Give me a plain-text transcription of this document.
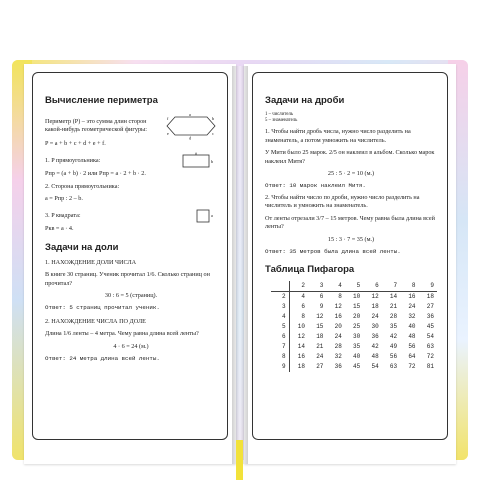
Вычисление периметра

Периметр (Р) – это сумма длин сторон какой-нибудь геометрической фигуры:

a
b
c
d
e
f

P = a + b + c + d + e + f.

1. P прямоугольника:

a
b

Pпр = (a + b) · 2 или Pпр = a · 2 + b · 2.

2. Сторона прямоугольника:

a = Pпр : 2 – b.

3. P квадрата:	a

Pкв = a · 4.

Задачи на доли

1. НАХОЖДЕНИЕ ДОЛИ ЧИСЛА

В книге 30 страниц. Ученик прочитал 1/6. Сколько страниц он прочитал?

30 : 6 = 5 (страниц).

Ответ: 5 страниц прочитал ученик.

2. НАХОЖДЕНИЕ ЧИСЛА ПО ДОЛЕ

Длина 1/6 ленты – 4 метра. Чему равна длина всей ленты?

4 · 6 = 24 (м.)

Ответ: 24 метра длина всей ленты.

Задачи на дроби

1 – числитель

5 – знаменатель

1. Чтобы найти дробь числа, нужно число разделить на знаменатель, а потом умножить на числитель.

У Мити было 25 марок. 2/5 он наклеил в альбом. Сколько марок наклеил Митя?

25 : 5 · 2 = 10 (м.)

Ответ: 10 марок наклеил Митя.

2. Чтобы найти число по дроби, нужно число разделить на числитель и умножить на знаменатель.

От ленты отрезали 3/7 – 15 метров. Чему равна была длина всей ленты?

15 : 3 · 7 = 35 (м.)

Ответ: 35 метров была длина всей ленты.

Таблица Пифагора
	2	3	4	5	6	7	8	9
2	4	6	8	10	12	14	16	18
3	6	9	12	15	18	21	24	27
4	8	12	16	20	24	28	32	36
5	10	15	20	25	30	35	40	45
6	12	18	24	30	36	42	48	54
7	14	21	28	35	42	49	56	63
8	16	24	32	40	48	56	64	72
9	18	27	36	45	54	63	72	81
